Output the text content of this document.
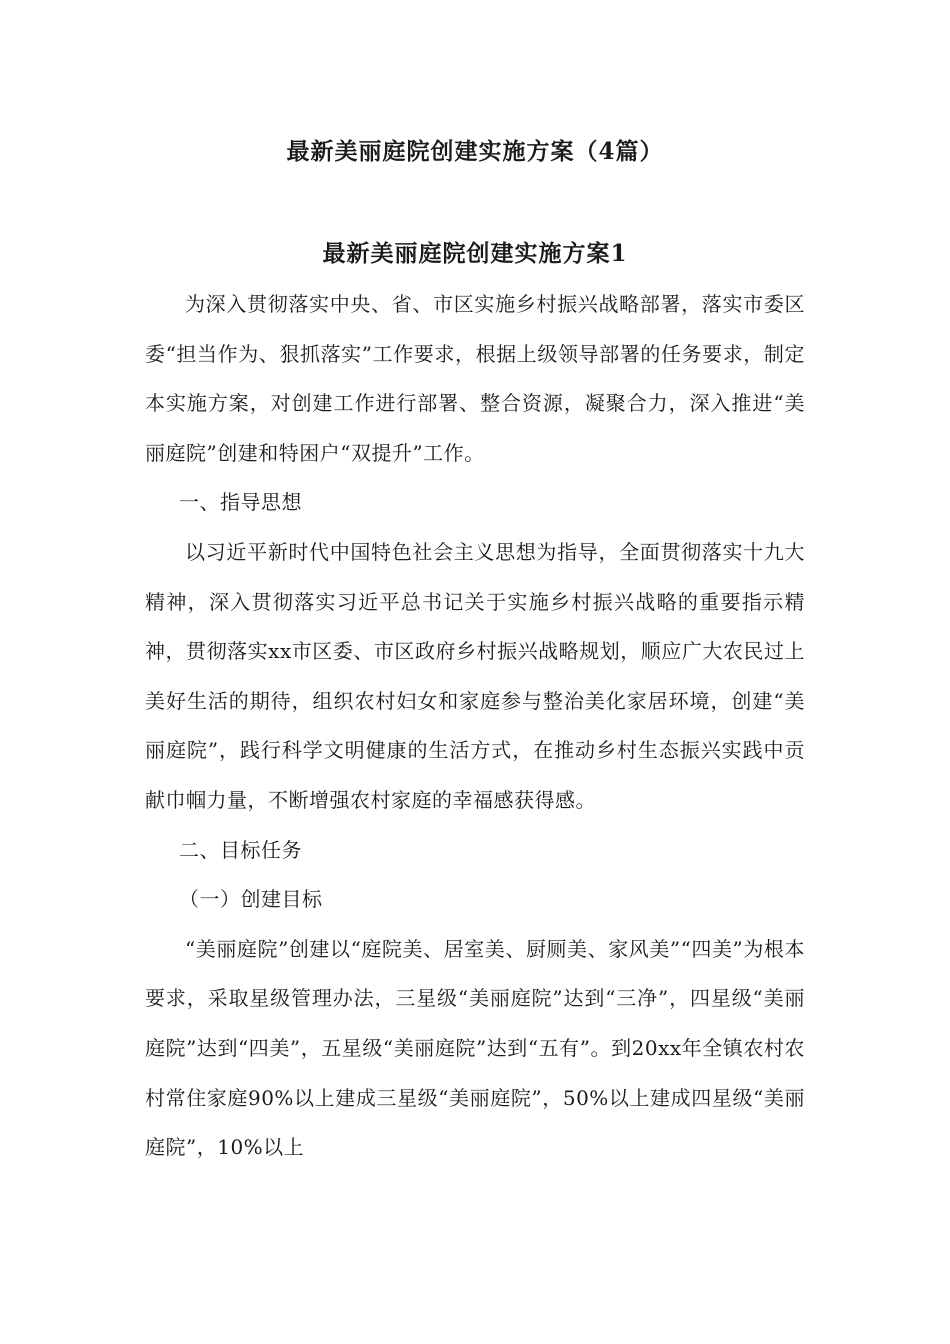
最新美丽庭院创建实施方案（4篇）
最新美丽庭院创建实施方案1

为深入贯彻落实中央、省、市区实施乡村振兴战略部署，落实市委区委“担当作为、狠抓落实”工作要求，根据上级领导部署的任务要求，制定本实施方案，对创建工作进行部署、整合资源，凝聚合力，深入推进“美丽庭院”创建和特困户“双提升”工作。

一、指导思想

以习近平新时代中国特色社会主义思想为指导，全面贯彻落实十九大精神，深入贯彻落实习近平总书记关于实施乡村振兴战略的重要指示精神，贯彻落实xx市区委、市区政府乡村振兴战略规划，顺应广大农民过上美好生活的期待，组织农村妇女和家庭参与整治美化家居环境，创建“美丽庭院”，践行科学文明健康的生活方式，在推动乡村生态振兴实践中贡献巾帼力量，不断增强农村家庭的幸福感获得感。

二、目标任务

（一）创建目标

“美丽庭院”创建以“庭院美、居室美、厨厕美、家风美”“四美”为根本要求，采取星级管理办法，三星级“美丽庭院”达到“三净”，四星级“美丽庭院”达到“四美”，五星级“美丽庭院”达到“五有”。到20xx年全镇农村农村常住家庭90%以上建成三星级“美丽庭院”，50%以上建成四星级“美丽庭院”，10%以上
